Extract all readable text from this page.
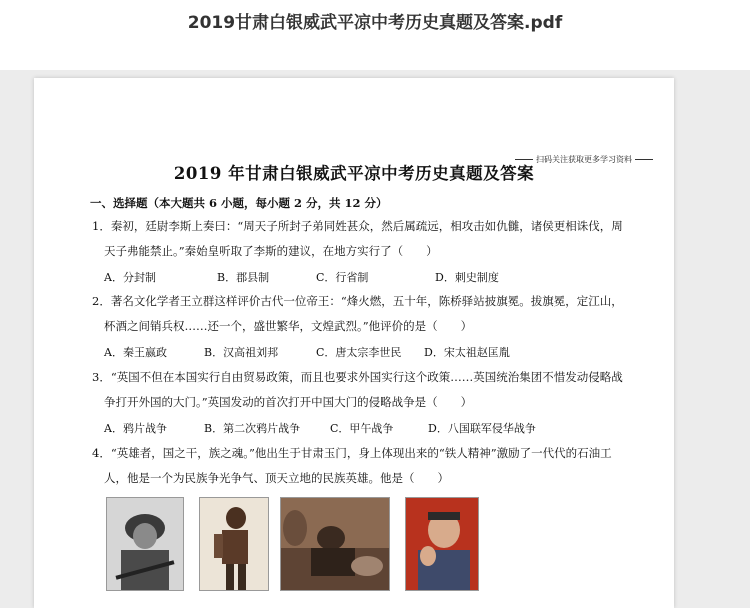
2019甘肃白银威武平凉中考历史真题及答案.pdf
扫码关注获取更多学习资料
2019 年甘肃白银威武平凉中考历史真题及答案
一、选择题（本大题共 6 小题，每小题 2 分，共 12 分）
1．秦初，廷尉李斯上奏曰：“周天子所封子弟同姓甚众，然后属疏远，相攻击如仇雠，诸侯更相诛伐，周
天子弗能禁止。”秦始皇听取了李斯的建议，在地方实行了（　　）
A．分封制	B．郡县制	C．行省制	D．刺史制度
2．著名文化学者王立群这样评价古代一位帝王：“烽火燃，五十年，陈桥驿站披旗冕。拔旗冕，定江山，
杯酒之间销兵权……还一个，盛世繁华，文煌武烈。”他评价的是（　　）
A．秦王嬴政	B．汉高祖刘邦	C．唐太宗李世民 D．宋太祖赵匡胤
3．“英国不但在本国实行自由贸易政策，而且也要求外国实行这个政策……英国统治集团不惜发动侵略战
争打开外国的大门。”英国发动的首次打开中国大门的侵略战争是（　　）
A．鸦片战争	B．第二次鸦片战争	C．甲午战争	D．八国联军侵华战争
4．“英雄者，国之干，族之魂。”他出生于甘肃玉门，身上体现出来的“铁人精神”激励了一代代的石油工
人，他是一个为民族争光争气、顶天立地的民族英雄。他是（　　）
